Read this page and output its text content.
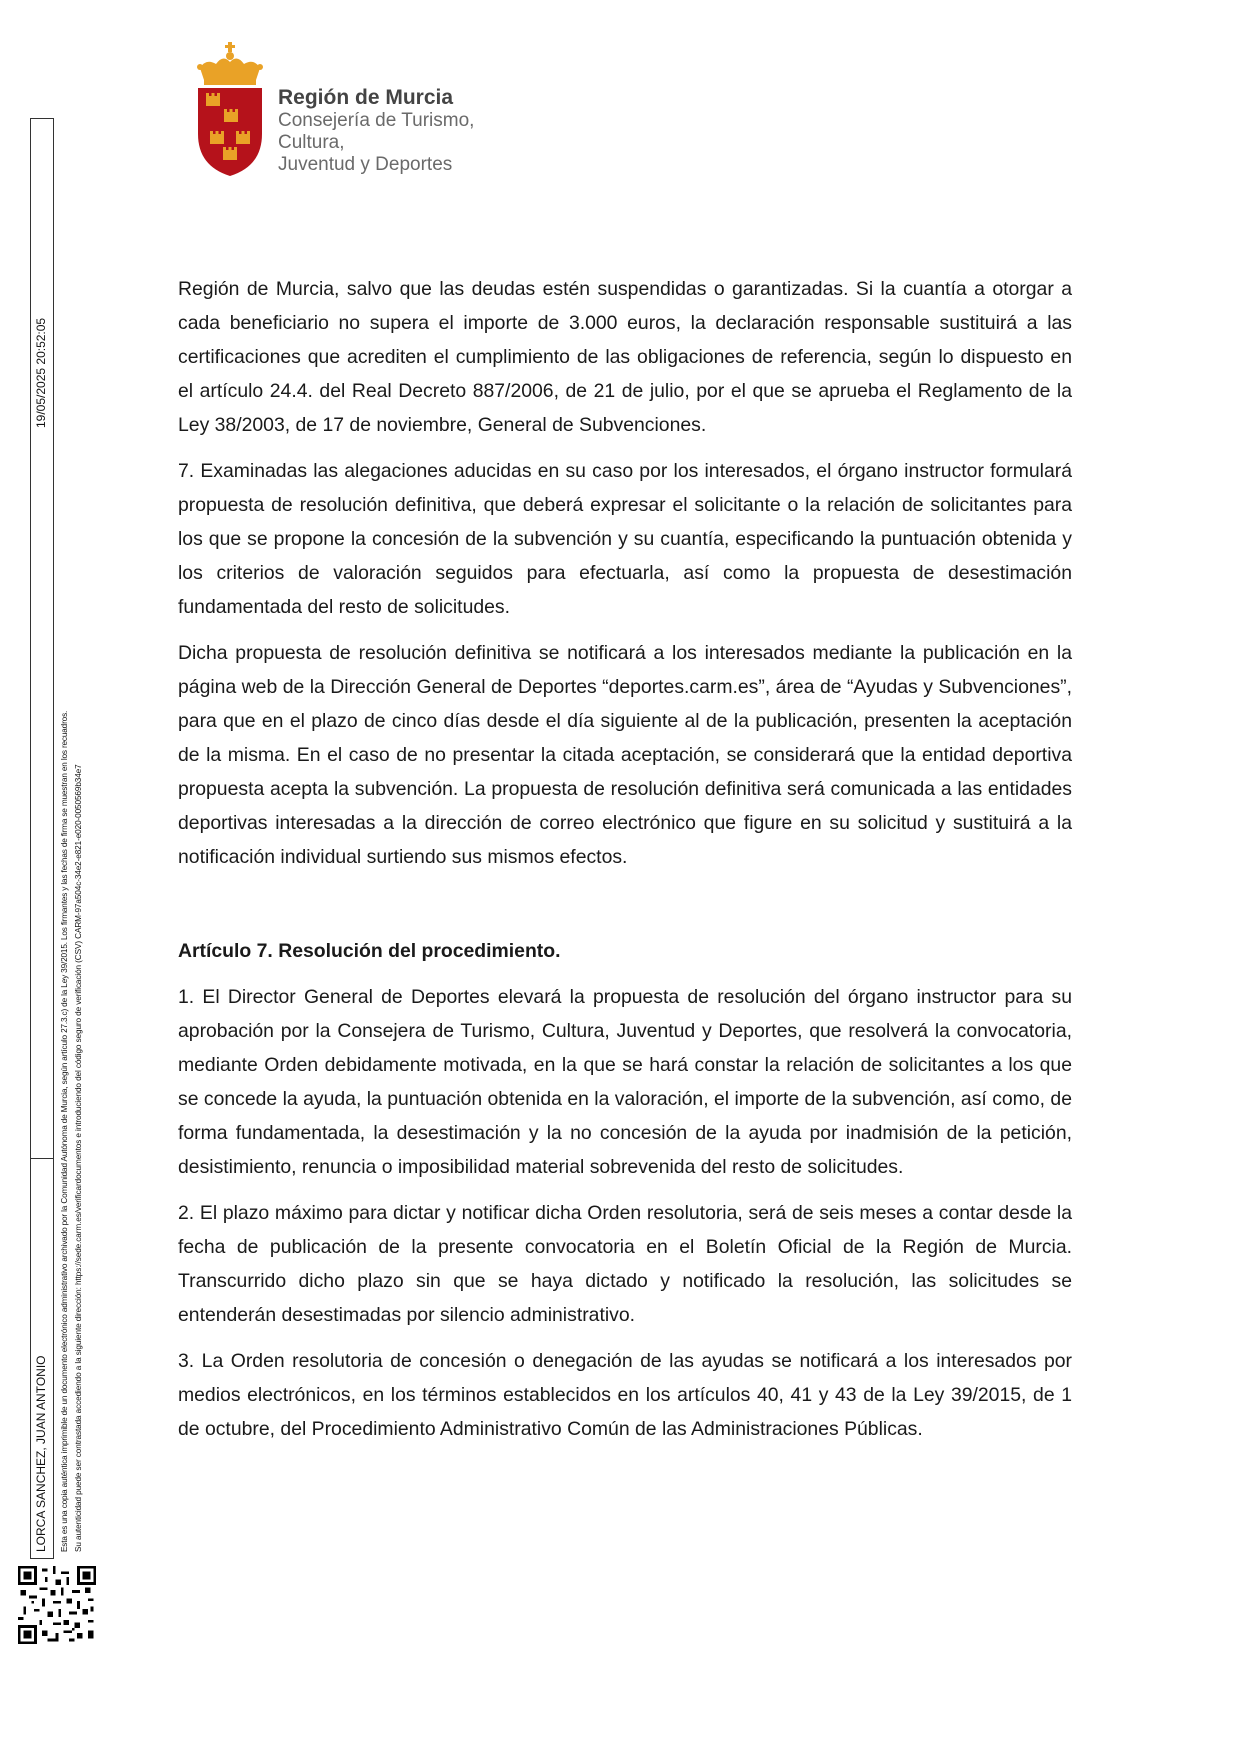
Región de Murcia
Consejería de Turismo, Cultura,
Juventud y Deportes

Región de Murcia, salvo que las deudas estén suspendidas o garantizadas. Si la cuantía a otorgar a cada beneficiario no supera el importe de 3.000 euros, la declaración responsable sustituirá a las certificaciones que acrediten el cumplimiento de las obligaciones de referencia, según lo dispuesto en el artículo 24.4. del Real Decreto 887/2006, de 21 de julio, por el que se aprueba el Reglamento de la Ley 38/2003, de 17 de noviembre, General de Subvenciones.

7. Examinadas las alegaciones aducidas en su caso por los interesados, el órgano instructor formulará propuesta de resolución definitiva, que deberá expresar el solicitante o la relación de solicitantes para los que se propone la concesión de la subvención y su cuantía, especificando la puntuación obtenida y los criterios de valoración seguidos para efectuarla, así como la propuesta de desestimación fundamentada del resto de solicitudes.

Dicha propuesta de resolución definitiva se notificará a los interesados mediante la publicación en la página web de la Dirección General de Deportes “deportes.carm.es”, área de “Ayudas y Subvenciones”, para que en el plazo de cinco días desde el día siguiente al de la publicación, presenten la aceptación de la misma. En el caso de no presentar la citada aceptación, se considerará que la entidad deportiva propuesta acepta la subvención. La propuesta de resolución definitiva será comunicada a las entidades deportivas interesadas a la dirección de correo electrónico que figure en su solicitud y sustituirá a la notificación individual surtiendo sus mismos efectos.

Artículo 7. Resolución del procedimiento.

1. El Director General de Deportes elevará la propuesta de resolución del órgano instructor para su aprobación por la Consejera de Turismo, Cultura, Juventud y Deportes, que resolverá la convocatoria, mediante Orden debidamente motivada, en la que se hará constar la relación de solicitantes a los que se concede la ayuda, la puntuación obtenida en la valoración, el importe de la subvención, así como, de forma fundamentada, la desestimación y la no concesión de la ayuda por inadmisión de la petición, desistimiento, renuncia o imposibilidad material sobrevenida del resto de solicitudes.

2. El plazo máximo para dictar y notificar dicha Orden resolutoria, será de seis meses a contar desde la fecha de publicación de la presente convocatoria en el Boletín Oficial de la Región de Murcia. Transcurrido dicho plazo sin que se haya dictado y notificado la resolución, las solicitudes se entenderán desestimadas por silencio administrativo.

3. La Orden resolutoria de concesión o denegación de las ayudas se notificará a los interesados por medios electrónicos, en los términos establecidos en los artículos 40, 41 y 43 de la Ley 39/2015, de 1 de octubre, del Procedimiento Administrativo Común de las Administraciones Públicas.

LORCA SANCHEZ, JUAN ANTONIO
19/05/2025 20:52:05
Esta es una copia auténtica imprimible de un documento electrónico administrativo archivado por la Comunidad Autónoma de Murcia, según artículo 27.3.c) de la Ley 39/2015. Los firmantes y las fechas de firma se muestran en los recuadros. Su autenticidad puede ser contrastada accediendo a la siguiente dirección: https://sede.carm.es/verificardocumentos e introduciendo del código seguro de verificación (CSV) CARM-97a504c-34e2-e821-e020-0050569b34e7
